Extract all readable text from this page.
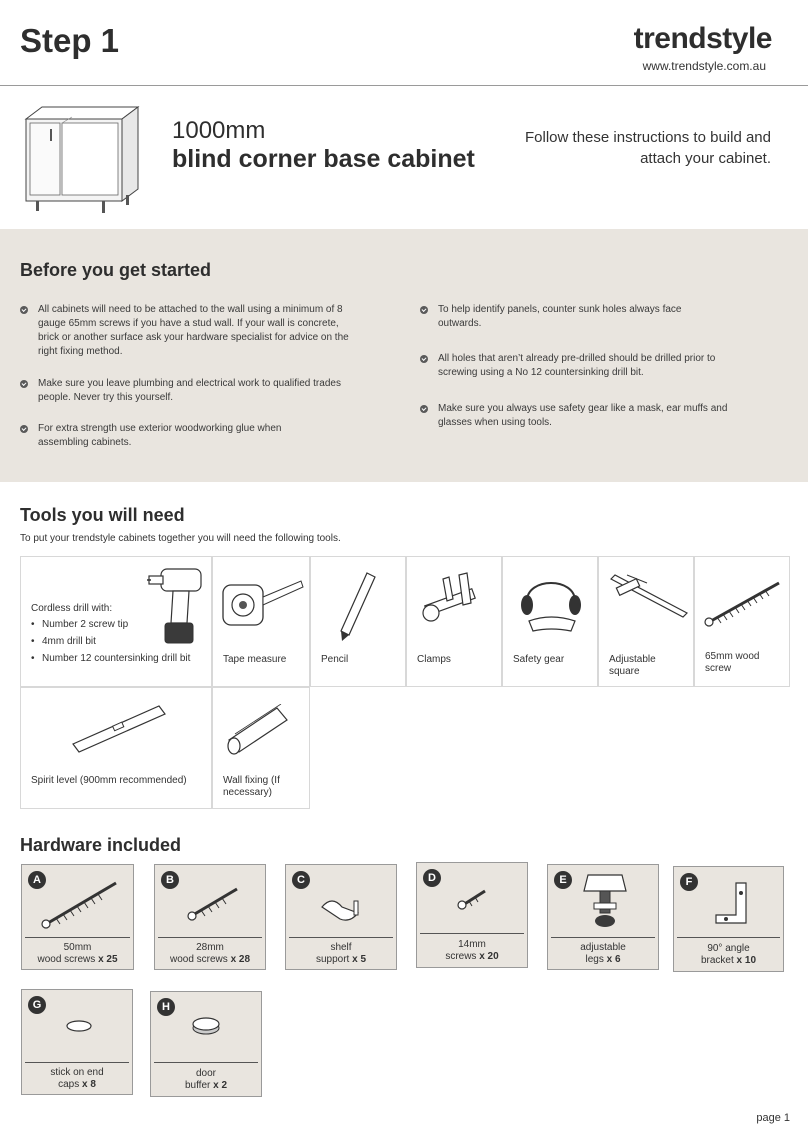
Step 1	trendstyle
www.trendstyle.com.au
1000mm
blind corner base cabinet
Follow these instructions to build and attach your cabinet.
Before you get started
All cabinets will need to be attached to the wall using a minimum of 8 gauge 65mm screws if you have a stud wall. If your wall is concrete, brick or another surface ask your hardware specialist for advice on the right fixing method.
Make sure you leave plumbing and electrical work to qualified trades people. Never try this yourself.
For extra strength use exterior woodworking glue when assembling cabinets.
To help identify panels, counter sunk holes always face outwards.
All holes that aren’t already pre-drilled should be drilled prior to screwing using a No 12 countersinking drill bit.
Make sure you always use safety gear like a mask, ear muffs and glasses when using tools.
Tools you will need
To put your trendstyle cabinets together you will need the following tools.
Cordless drill with:
• Number 2 screw tip
• 4mm drill bit
• Number 12 countersinking drill bit	Tape measure	Pencil	Clamps	Safety gear	Adjustable square
65mm wood screw
Spirit level (900mm recommended)	Wall fixing (If necessary)
Hardware included
A
50mm
wood screws x 25
B
28mm
wood screws x 28
C
shelf
support x 5
D
14mm
screws x 20
E
adjustable
legs x 6
F
90° angle
bracket x 10
G
stick on end
caps x 8
H
door
buffer x 2
page 1
